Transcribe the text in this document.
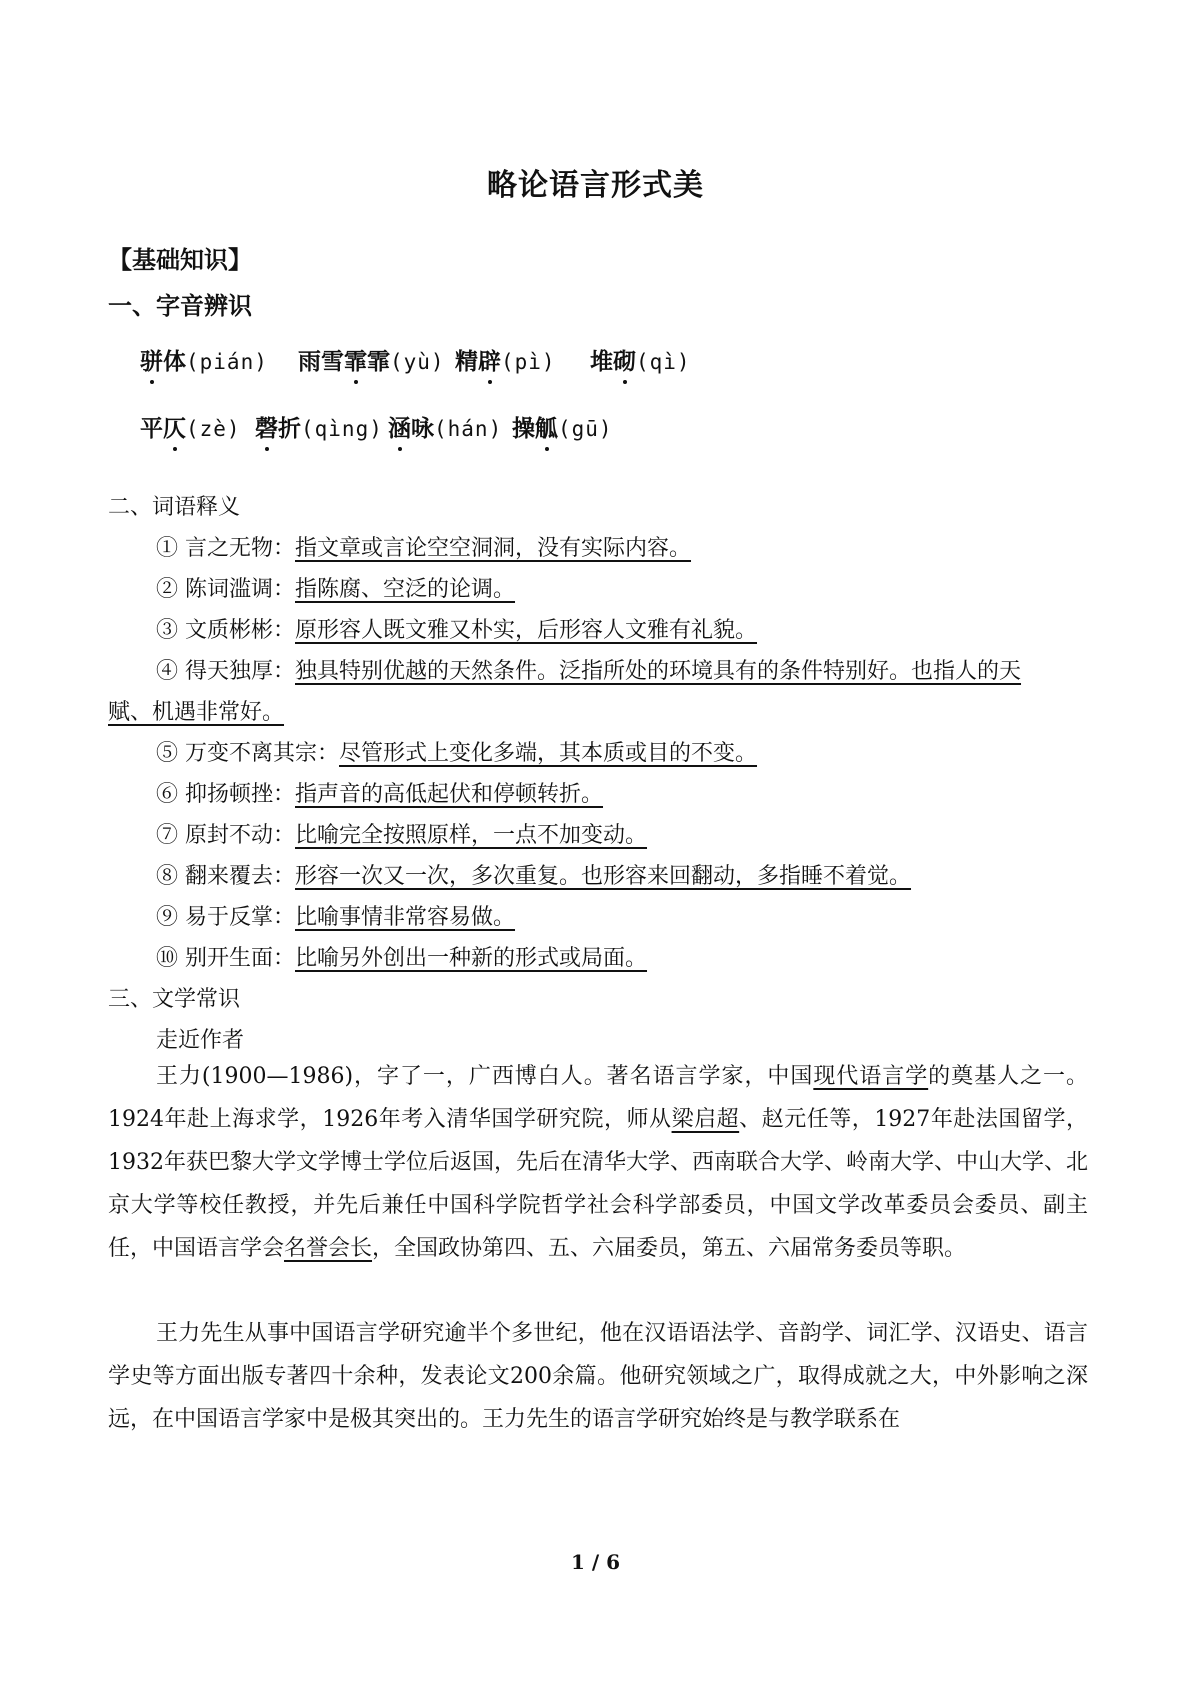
略论语言形式美
【基础知识】
一、字音辨识
骈体(pián) 雨雪霏霏(yù) 精辟(pì) 堆砌(qì)
平仄(zè) 磬折(qìng) 涵咏(hán) 操觚(gū)
二、词语释义
① 言之无物：指文章或言论空空洞洞，没有实际内容。
② 陈词滥调：指陈腐、空泛的论调。
③ 文质彬彬：原形容人既文雅又朴实，后形容人文雅有礼貌。
④ 得天独厚：独具特别优越的天然条件。泛指所处的环境具有的条件特别好。也指人的天
赋、机遇非常好。
⑤ 万变不离其宗：尽管形式上变化多端，其本质或目的不变。
⑥ 抑扬顿挫：指声音的高低起伏和停顿转折。
⑦ 原封不动：比喻完全按照原样，一点不加变动。
⑧ 翻来覆去：形容一次又一次，多次重复。也形容来回翻动，多指睡不着觉。
⑨ 易于反掌：比喻事情非常容易做。
⑩ 别开生面：比喻另外创出一种新的形式或局面。
三、文学常识
走近作者

王力(1900—1986)，字了一，广西博白人。著名语言学家，中国现代语言学的奠基人之一。1924年赴上海求学，1926年考入清华国学研究院，师从梁启超、赵元任等，1927年赴法国留学，1932年获巴黎大学文学博士学位后返国，先后在清华大学、西南联合大学、岭南大学、中山大学、北京大学等校任教授，并先后兼任中国科学院哲学社会科学部委员，中国文学改革委员会委员、副主任，中国语言学会名誉会长，全国政协第四、五、六届委员，第五、六届常务委员等职。

王力先生从事中国语言学研究逾半个多世纪，他在汉语语法学、音韵学、词汇学、汉语史、语言学史等方面出版专著四十余种，发表论文200余篇。他研究领域之广，取得成就之大，中外影响之深远，在中国语言学家中是极其突出的。王力先生的语言学研究始终是与教学联系在

1 / 6
